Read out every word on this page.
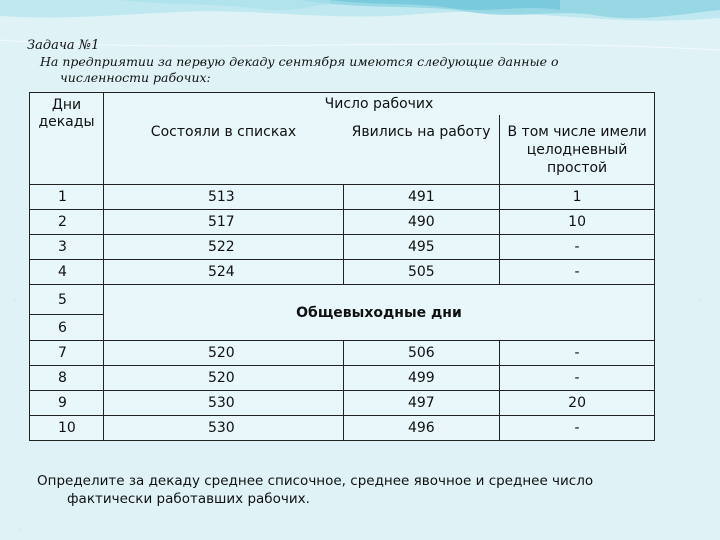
Задача №1
На предприятии за первую декаду сентября имеются следующие данные о
численности рабочих:
Дни
декады	Число рабочих		
	Состояли в списках	Явились на работу	В том числе имели
целодневный
простой
1	513	491	1
2	517	490	10
3	522	495	-
4	524	505	-
5	Общевыходные дни		
6			
7	520	506	-
8	520	499	-
9	530	497	20
10	530	496	-
Определите за декаду среднее списочное, среднее явочное и среднее число
фактически работавших рабочих.
